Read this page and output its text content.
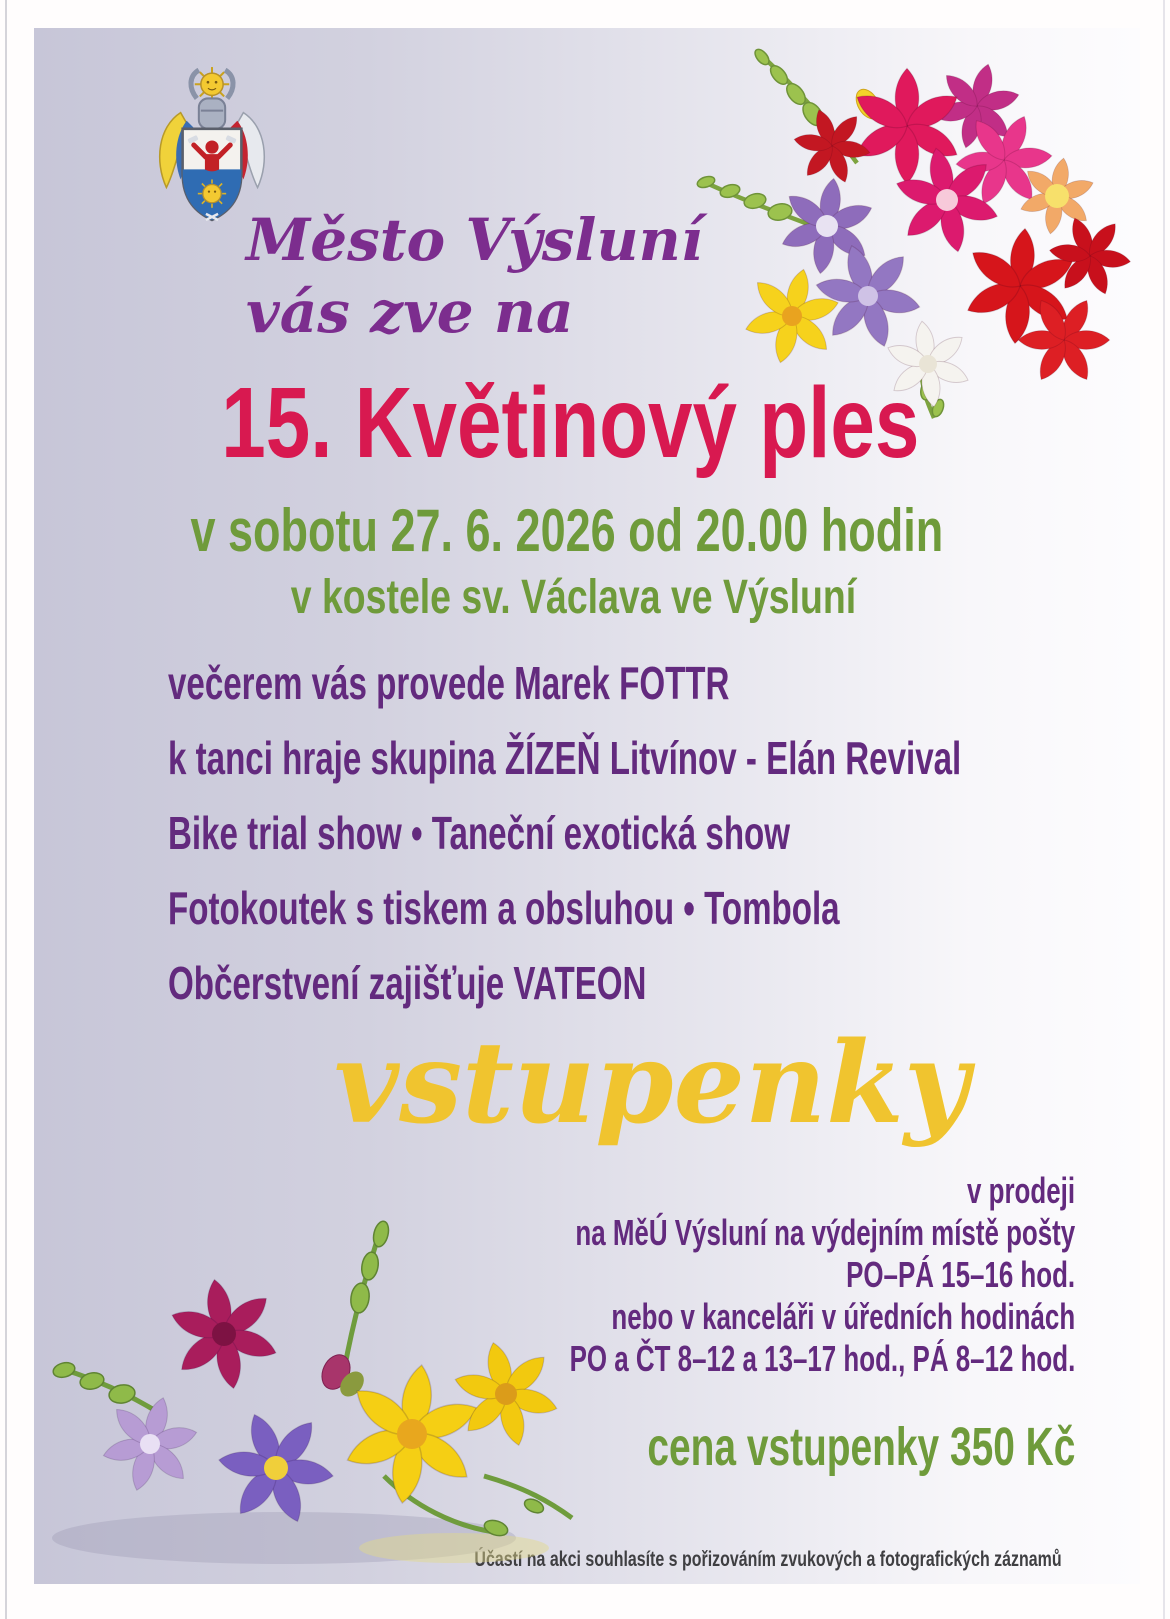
Město Výsluní
vás zve na
15. Květinový ples
v sobotu 27. 6. 2026 od 20.00 hodin
v kostele sv. Václava ve Výsluní
večerem vás provede Marek FOTTR
k tanci hraje skupina ŽÍZEŇ Litvínov - Elán Revival
Bike trial show • Taneční exotická show
Fotokoutek s tiskem a obsluhou • Tombola
Občerstvení zajišťuje VATEON
vstupenky
v prodeji
na MěÚ Výsluní na výdejním místě pošty
PO–PÁ 15–16 hod.
nebo v kanceláři v úředních hodinách
PO a ČT 8–12 a 13–17 hod., PÁ 8–12 hod.
cena vstupenky 350 Kč
Účastí na akci souhlasíte s pořizováním zvukových a fotografických záznamů
